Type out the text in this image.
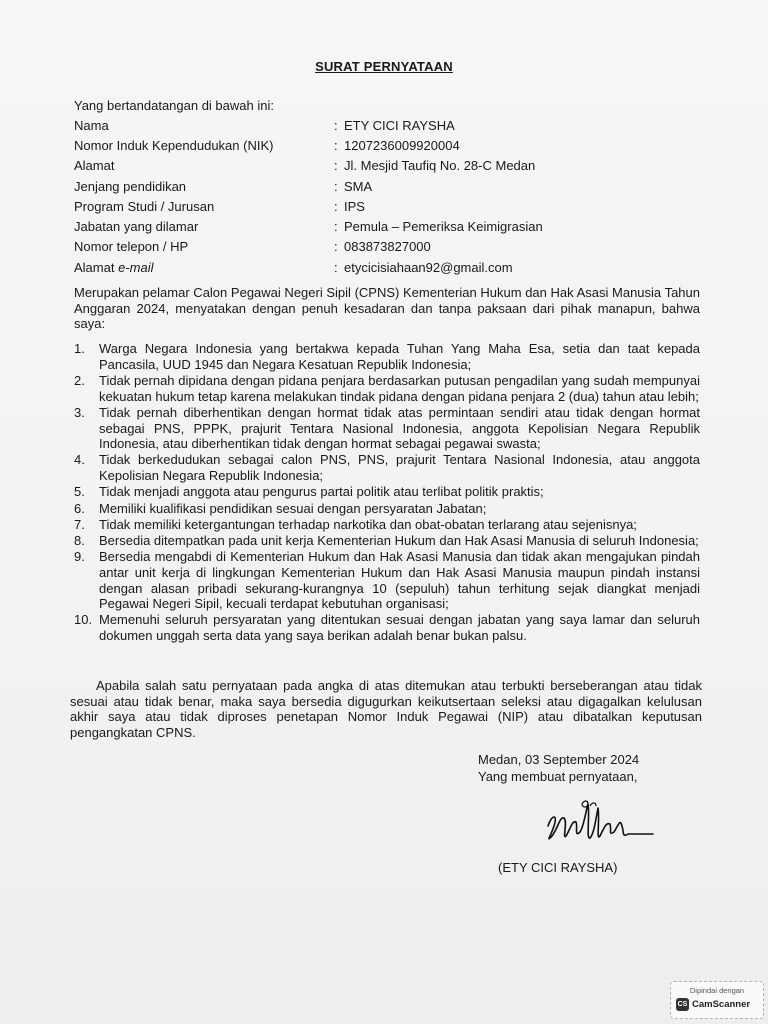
SURAT PERNYATAAN
Yang bertandatangan di bawah ini:
Nama	: ETY CICI RAYSHA
Nomor Induk Kependudukan (NIK)	: 1207236009920004
Alamat	: Jl. Mesjid Taufiq No. 28-C Medan
Jenjang pendidikan	: SMA
Program Studi / Jurusan	: IPS
Jabatan yang dilamar	: Pemula – Pemeriksa Keimigrasian
Nomor telepon / HP	: 083873827000
Alamat e-mail	: etycicisiahaan92@gmail.com
Merupakan pelamar Calon Pegawai Negeri Sipil (CPNS) Kementerian Hukum dan Hak Asasi Manusia Tahun Anggaran 2024, menyatakan dengan penuh kesadaran dan tanpa paksaan dari pihak manapun, bahwa saya:
1.	Warga Negara Indonesia yang bertakwa kepada Tuhan Yang Maha Esa, setia dan taat kepada Pancasila, UUD 1945 dan Negara Kesatuan Republik Indonesia;
2.	Tidak pernah dipidana dengan pidana penjara berdasarkan putusan pengadilan yang sudah mempunyai kekuatan hukum tetap karena melakukan tindak pidana dengan pidana penjara 2 (dua) tahun atau lebih;
3.	Tidak pernah diberhentikan dengan hormat tidak atas permintaan sendiri atau tidak dengan hormat sebagai PNS, PPPK, prajurit Tentara Nasional Indonesia, anggota Kepolisian Negara Republik Indonesia, atau diberhentikan tidak dengan hormat sebagai pegawai swasta;
4.	Tidak berkedudukan sebagai calon PNS, PNS, prajurit Tentara Nasional Indonesia, atau anggota Kepolisian Negara Republik Indonesia;
5.	Tidak menjadi anggota atau pengurus partai politik atau terlibat politik praktis;
6.	Memiliki kualifikasi pendidikan sesuai dengan persyaratan Jabatan;
7.	Tidak memiliki ketergantungan terhadap narkotika dan obat-obatan terlarang atau sejenisnya;
8.	Bersedia ditempatkan pada unit kerja Kementerian Hukum dan Hak Asasi Manusia di seluruh Indonesia;
9.	Bersedia mengabdi di Kementerian Hukum dan Hak Asasi Manusia dan tidak akan mengajukan pindah antar unit kerja di lingkungan Kementerian Hukum dan Hak Asasi Manusia maupun pindah instansi dengan alasan pribadi sekurang-kurangnya 10 (sepuluh) tahun terhitung sejak diangkat menjadi Pegawai Negeri Sipil, kecuali terdapat kebutuhan organisasi;
10. Memenuhi seluruh persyaratan yang ditentukan sesuai dengan jabatan yang saya lamar dan seluruh dokumen unggah serta data yang saya berikan adalah benar bukan palsu.
Apabila salah satu pernyataan pada angka di atas ditemukan atau terbukti berseberangan atau tidak sesuai atau tidak benar, maka saya bersedia digugurkan keikutsertaan seleksi atau digagalkan kelulusan akhir saya atau tidak diproses penetapan Nomor Induk Pegawai (NIP) atau dibatalkan keputusan pengangkatan CPNS.
Medan, 03 September 2024
Yang membuat pernyataan,
(ETY CICI RAYSHA)
Dipindai dengan
CS CamScanner
